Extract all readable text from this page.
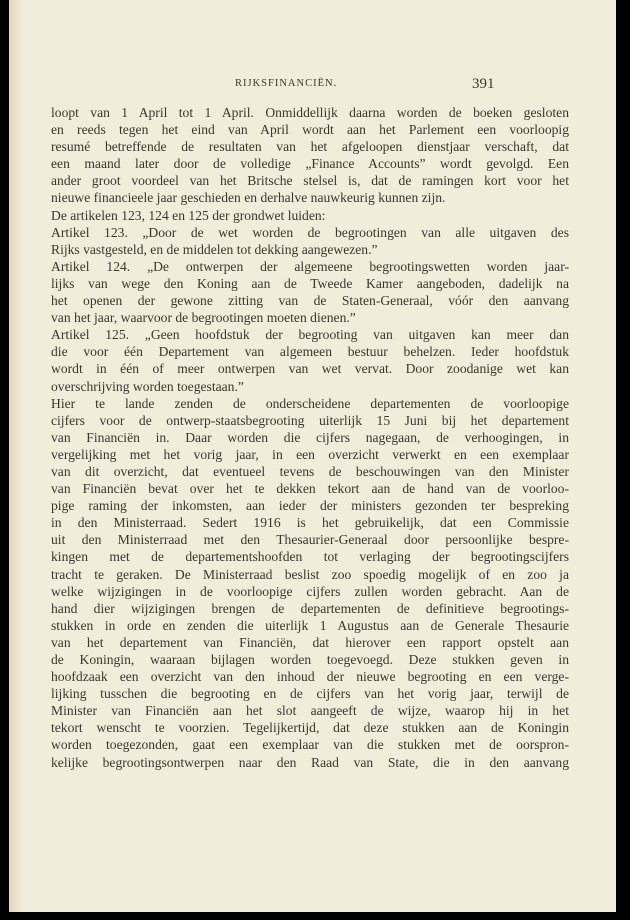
RIJKSFINANCIËN.	391
loopt van 1 April tot 1 April. Onmiddellijk daarna worden de boeken gesloten
en reeds tegen het eind van April wordt aan het Parlement een voorloopig
resumé betreffende de resultaten van het afgeloopen dienstjaar verschaft, dat
een maand later door de volledige „Finance Accounts” wordt gevolgd. Een
ander groot voordeel van het Britsche stelsel is, dat de ramingen kort voor het
nieuwe financieele jaar geschieden en derhalve nauwkeurig kunnen zijn.
De artikelen 123, 124 en 125 der grondwet luiden:
Artikel 123. „Door de wet worden de begrootingen van alle uitgaven des
Rijks vastgesteld, en de middelen tot dekking aangewezen.”
Artikel 124. „De ontwerpen der algemeene begrootingswetten worden jaar-
lijks van wege den Koning aan de Tweede Kamer aangeboden, dadelijk na
het openen der gewone zitting van de Staten-Generaal, vóór den aanvang
van het jaar, waarvoor de begrootingen moeten dienen.”
Artikel 125. „Geen hoofdstuk der begrooting van uitgaven kan meer dan
die voor één Departement van algemeen bestuur behelzen. Ieder hoofdstuk
wordt in één of meer ontwerpen van wet vervat. Door zoodanige wet kan
overschrijving worden toegestaan.”
Hier te lande zenden de onderscheidene departementen de voorloopige
cijfers voor de ontwerp-staatsbegrooting uiterlijk 15 Juni bij het departement
van Financiën in. Daar worden die cijfers nagegaan, de verhoogingen, in
vergelijking met het vorig jaar, in een overzicht verwerkt en een exemplaar
van dit overzicht, dat eventueel tevens de beschouwingen van den Minister
van Financiën bevat over het te dekken tekort aan de hand van de voorloo-
pige raming der inkomsten, aan ieder der ministers gezonden ter bespreking
in den Ministerraad. Sedert 1916 is het gebruikelijk, dat een Commissie
uit den Ministerraad met den Thesaurier-Generaal door persoonlijke bespre-
kingen met de departementshoofden tot verlaging der begrootingscijfers
tracht te geraken. De Ministerraad beslist zoo spoedig mogelijk of en zoo ja
welke wijzigingen in de voorloopige cijfers zullen worden gebracht. Aan de
hand dier wijzigingen brengen de departementen de definitieve begrootings-
stukken in orde en zenden die uiterlijk 1 Augustus aan de Generale Thesaurie
van het departement van Financiën, dat hierover een rapport opstelt aan
de Koningin, waaraan bijlagen worden toegevoegd. Deze stukken geven in
hoofdzaak een overzicht van den inhoud der nieuwe begrooting en een verge-
lijking tusschen die begrooting en de cijfers van het vorig jaar, terwijl de
Minister van Financiën aan het slot aangeeft de wijze, waarop hij in het
tekort wenscht te voorzien. Tegelijkertijd, dat deze stukken aan de Koningin
worden toegezonden, gaat een exemplaar van die stukken met de oorspron-
kelijke begrootingsontwerpen naar den Raad van State, die in den aanvang
